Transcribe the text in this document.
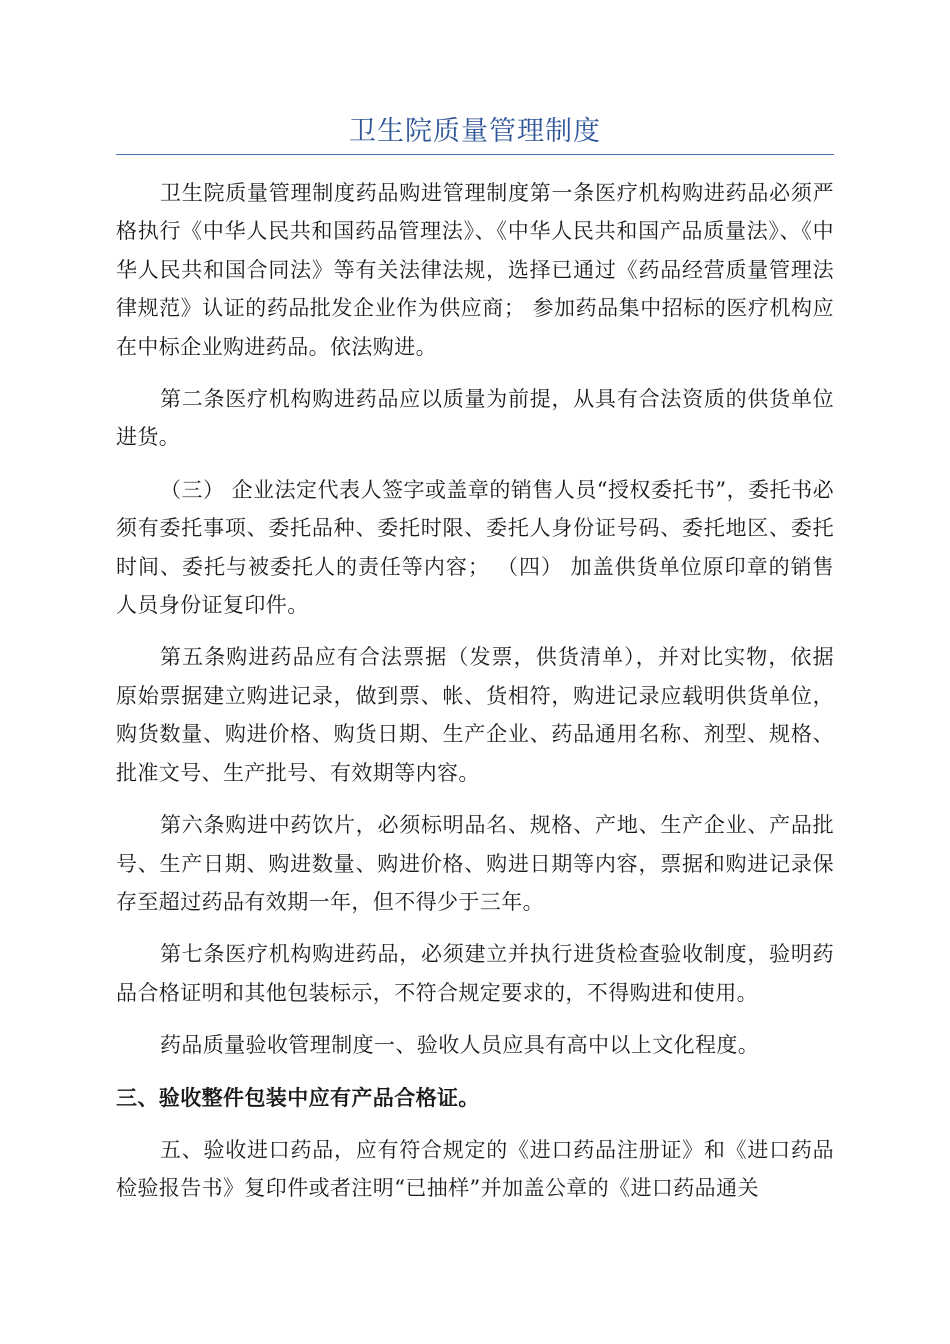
卫生院质量管理制度

卫生院质量管理制度药品购进管理制度第一条医疗机构购进药品必须严格执行《中华人民共和国药品管理法》、《中华人民共和国产品质量法》、《中华人民共和国合同法》等有关法律法规，选择已通过《药品经营质量管理法律规范》认证的药品批发企业作为供应商； 参加药品集中招标的医疗机构应在中标企业购进药品。依法购进。

第二条医疗机构购进药品应以质量为前提，从具有合法资质的供货单位进货。

（三） 企业法定代表人签字或盖章的销售人员“授权委托书”，委托书必须有委托事项、委托品种、委托时限、委托人身份证号码、委托地区、委托时间、委托与被委托人的责任等内容； （四） 加盖供货单位原印章的销售人员身份证复印件。

第五条购进药品应有合法票据（发票，供货清单），并对比实物，依据原始票据建立购进记录，做到票、帐、货相符，购进记录应载明供货单位，购货数量、购进价格、购货日期、生产企业、药品通用名称、剂型、规格、批准文号、生产批号、有效期等内容。

第六条购进中药饮片，必须标明品名、规格、产地、生产企业、产品批号、生产日期、购进数量、购进价格、购进日期等内容，票据和购进记录保存至超过药品有效期一年，但不得少于三年。

第七条医疗机构购进药品，必须建立并执行进货检查验收制度，验明药品合格证明和其他包装标示，不符合规定要求的，不得购进和使用。

药品质量验收管理制度一、验收人员应具有高中以上文化程度。

三、验收整件包装中应有产品合格证。

五、验收进口药品，应有符合规定的《进口药品注册证》和《进口药品检验报告书》复印件或者注明“已抽样”并加盖公章的《进口药品通关
